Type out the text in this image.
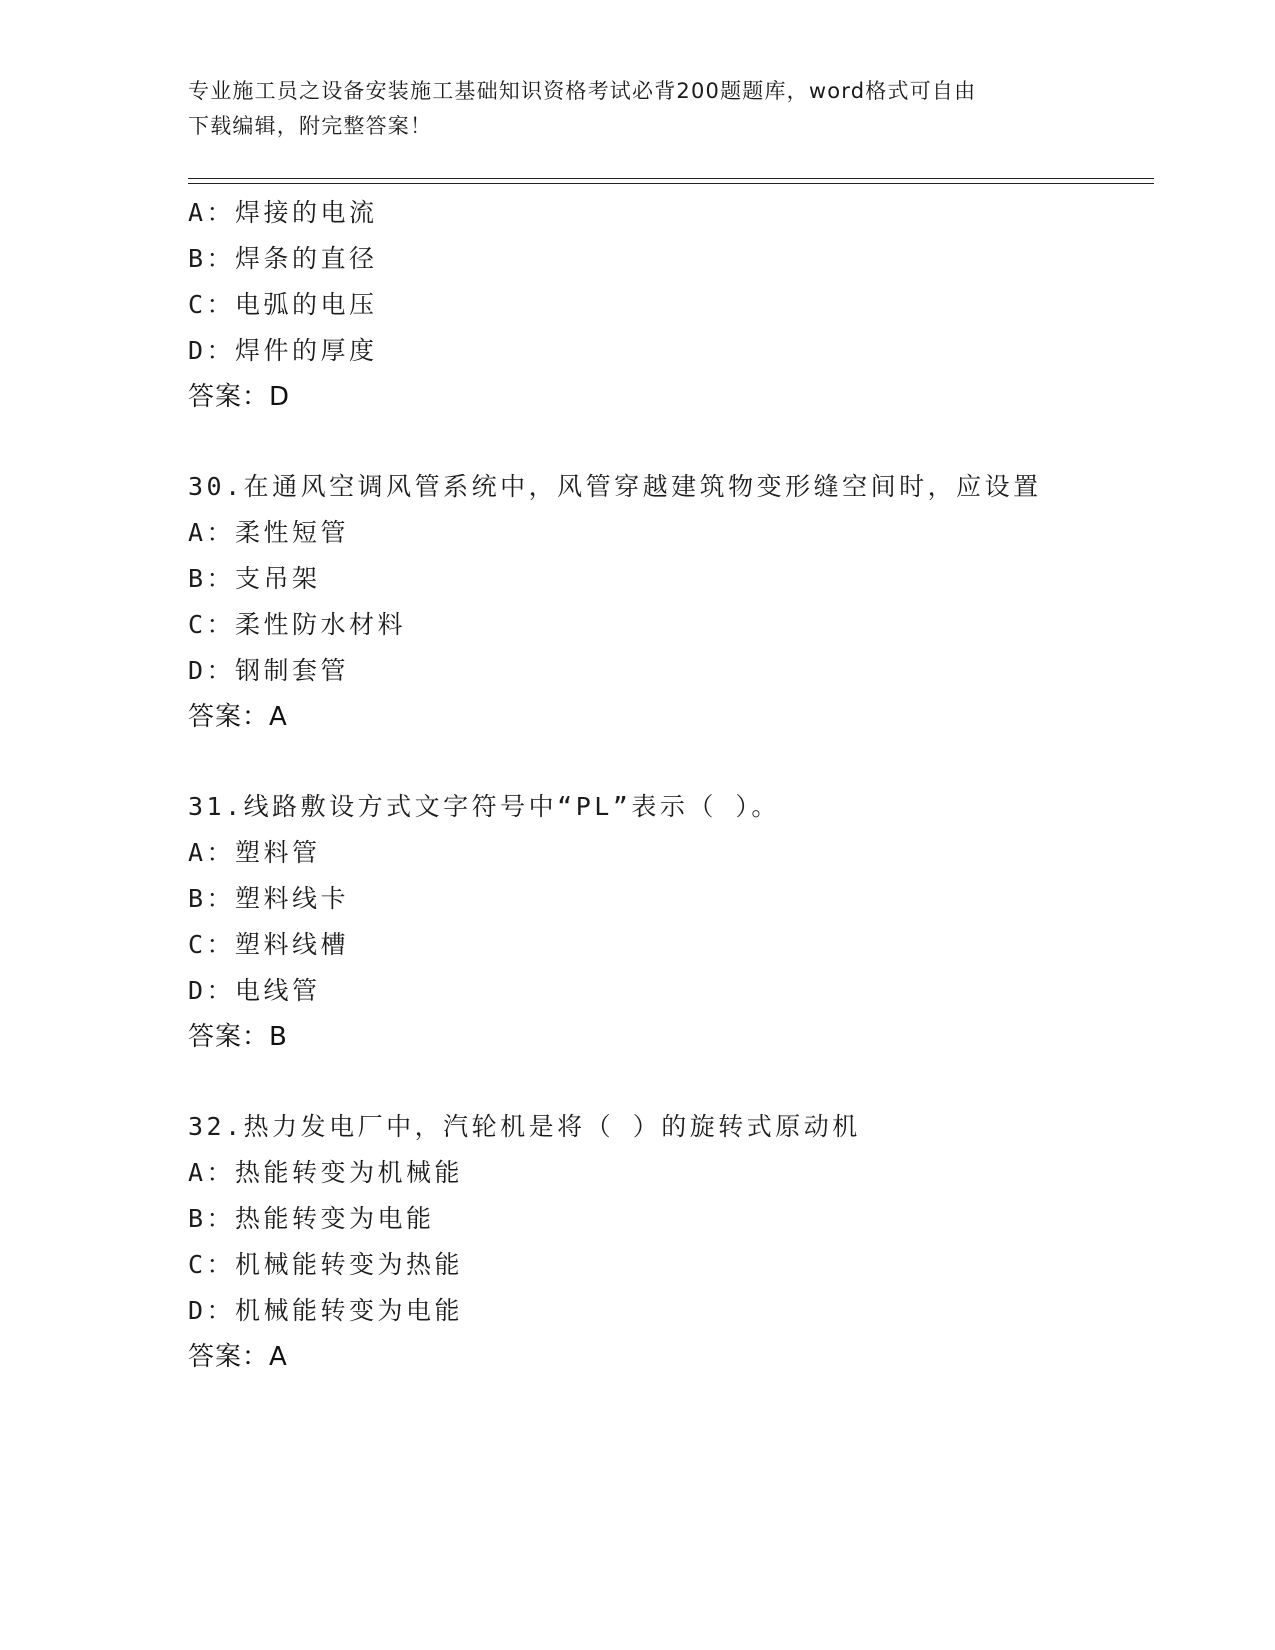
专业施工员之设备安装施工基础知识资格考试必背200题题库，word格式可自由
下载编辑，附完整答案！
A：焊接的电流
B：焊条的直径
C：电弧的电压
D：焊件的厚度
答案：D
30.在通风空调风管系统中，风管穿越建筑物变形缝空间时，应设置
A：柔性短管
B：支吊架
C：柔性防水材料
D：钢制套管
答案：A
31.线路敷设方式文字符号中“PL”表示（ ）。
A：塑料管
B：塑料线卡
C：塑料线槽
D：电线管
答案：B
32.热力发电厂中，汽轮机是将（ ）的旋转式原动机
A：热能转变为机械能
B：热能转变为电能
C：机械能转变为热能
D：机械能转变为电能
答案：A
